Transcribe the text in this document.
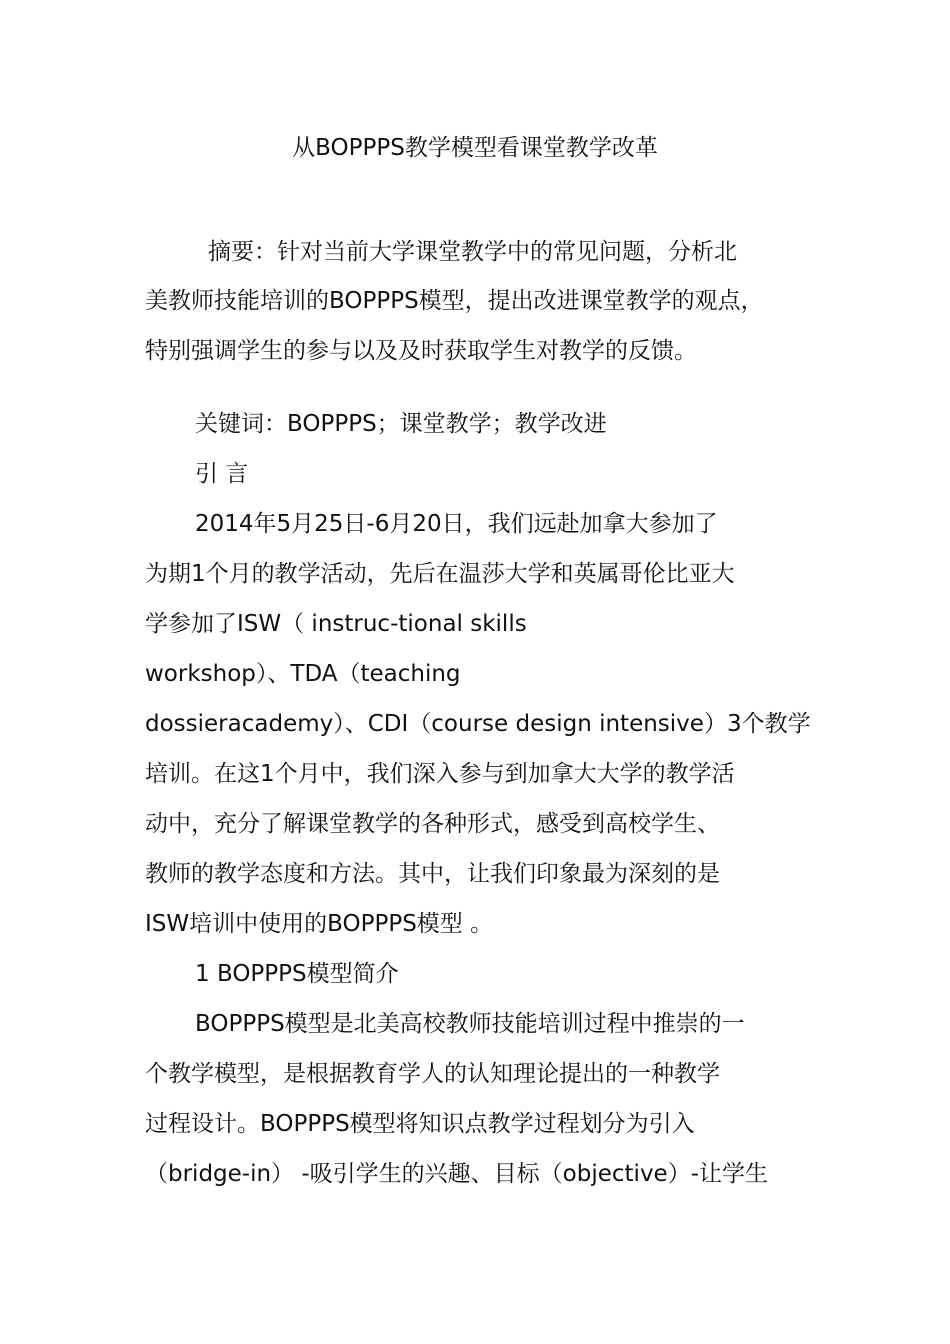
从BOPPPS教学模型看课堂教学改革

　摘要：针对当前大学课堂教学中的常见问题，分析北

美教师技能培训的BOPPPS模型，提出改进课堂教学的观点，

特别强调学生的参与以及及时获取学生对教学的反馈。

关键词：BOPPPS；课堂教学；教学改进

引 言

2014年5月25日-6月20日，我们远赴加拿大参加了

为期1个月的教学活动，先后在温莎大学和英属哥伦比亚大

学参加了ISW（ instruc-tional skills

workshop）、TDA（teaching

dossieracademy）、CDI（course design intensive）3个教学

培训。在这1个月中，我们深入参与到加拿大大学的教学活

动中，充分了解课堂教学的各种形式，感受到高校学生、

教师的教学态度和方法。其中，让我们印象最为深刻的是

ISW培训中使用的BOPPPS模型 。

1 BOPPPS模型简介

BOPPPS模型是北美高校教师技能培训过程中推崇的一

个教学模型，是根据教育学人的认知理论提出的一种教学

过程设计。BOPPPS模型将知识点教学过程划分为引入

（bridge-in） -吸引学生的兴趣、目标（objective）-让学生
